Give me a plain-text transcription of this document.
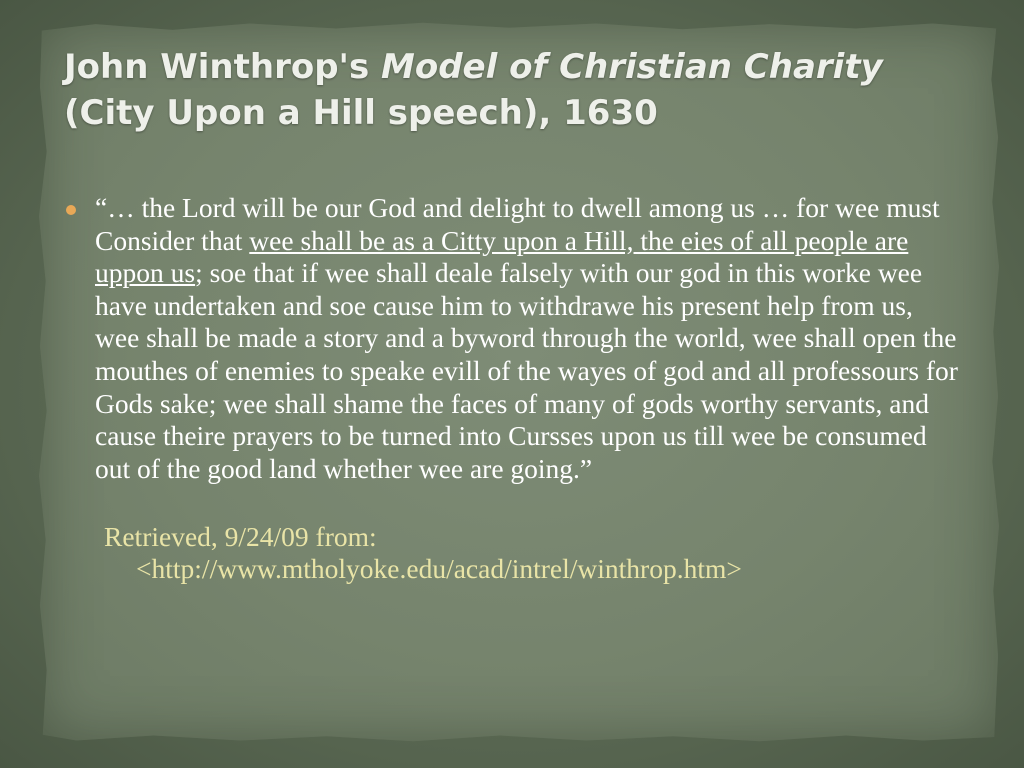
John Winthrop's Model of Christian Charity
(City Upon a Hill speech), 1630
“… the Lord will be our God and delight to dwell among us … for wee must Consider that wee shall be as a Citty upon a Hill, the eies of all people are uppon us; soe that if wee shall deale falsely with our god in this worke wee have undertaken and soe cause him to withdrawe his present help from us, wee shall be made a story and a byword through the world, wee shall open the mouthes of enemies to speake evill of the wayes of god and all professours for Gods sake; wee shall shame the faces of many of gods worthy servants, and cause theire prayers to be turned into Cursses upon us till wee be consumed out of the good land whether wee are going.”
Retrieved, 9/24/09 from:
<http://www.mtholyoke.edu/acad/intrel/winthrop.htm>
